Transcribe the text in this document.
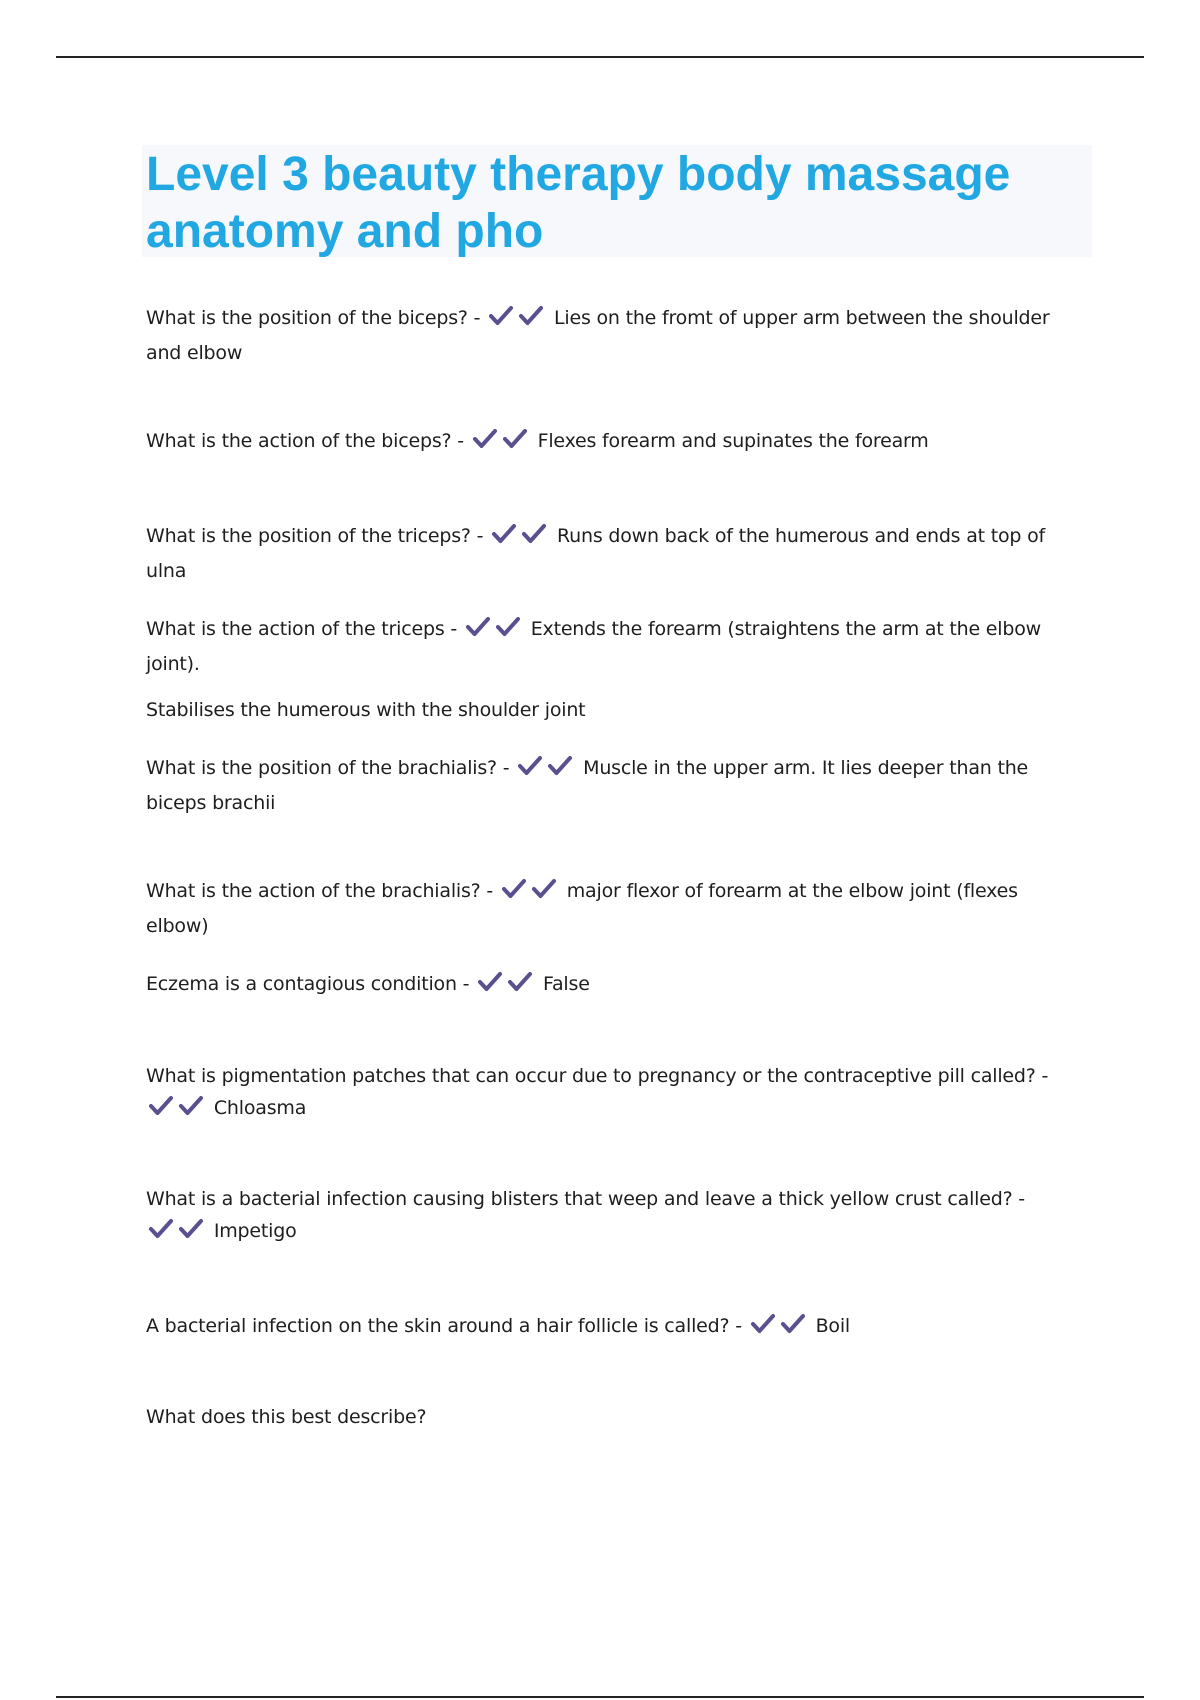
Level 3 beauty therapy body massage anatomy and pho

What is the position of the biceps? -	Lies on the fromt of upper arm between the shoulder and elbow

What is the action of the biceps? -	Flexes forearm and supinates the forearm

What is the position of the triceps? -	Runs down back of the humerous and ends at top of ulna

What is the action of the triceps -	Extends the forearm (straightens the arm at the elbow joint).
Stabilises the humerous with the shoulder joint

What is the position of the brachialis? -	Muscle in the upper arm. It lies deeper than the biceps brachii

What is the action of the brachialis? -	major flexor of forearm at the elbow joint (flexes elbow)

Eczema is a contagious condition -	False

What is pigmentation patches that can occur due to pregnancy or the contraceptive pill called? -  Chloasma

What is a bacterial infection causing blisters that weep and leave a thick yellow crust called? -  Impetigo

A bacterial infection on the skin around a hair follicle is called? -	Boil

What does this best describe?
